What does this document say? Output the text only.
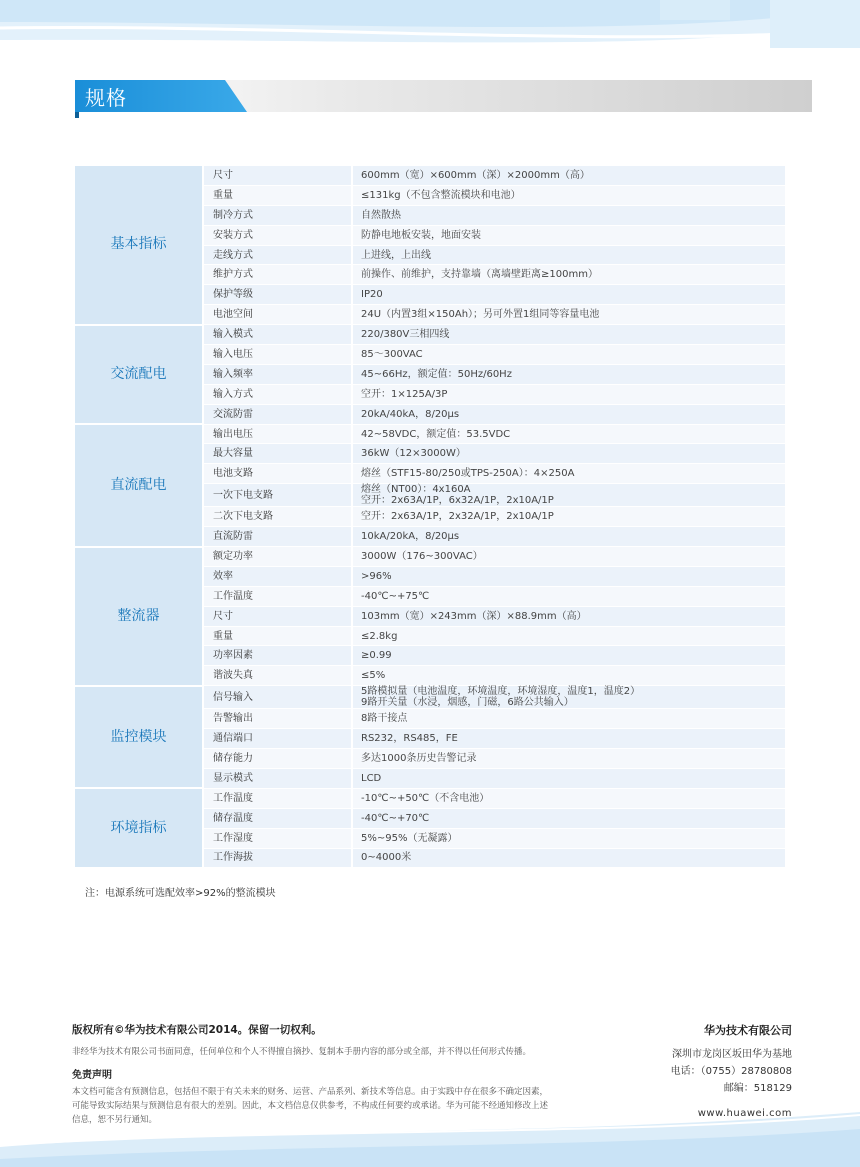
规格
基本指标	尺寸	600mm（宽）×600mm（深）×2000mm（高）

	重量	≤131kg（不包含整流模块和电池）

	制冷方式	自然散热

	安装方式	防静电地板安装，地面安装

	走线方式	上进线，上出线

	维护方式	前操作、前维护，支持靠墙（离墙壁距离≥100mm）

	保护等级	IP20

	电池空间	24U（内置3组×150Ah）；另可外置1组同等容量电池

交流配电	输入模式	220/380V三相四线

	输入电压	85～300VAC

	输入频率	45~66Hz，额定值：50Hz/60Hz

	输入方式	空开：1×125A/3P

	交流防雷	20kA/40kA，8/20μs

直流配电	输出电压	42~58VDC，额定值：53.5VDC

	最大容量	36kW（12×3000W）

	电池支路	熔丝（STF15-80/250或TPS-250A）：4×250A

	一次下电支路	熔丝（NT00）：4x160A
空开：2x63A/1P，6x32A/1P，2x10A/1P

	二次下电支路	空开：2x63A/1P，2x32A/1P，2x10A/1P

	直流防雷	10kA/20kA，8/20μs

整流器	额定功率	3000W（176~300VAC）

	效率	>96%

	工作温度	-40℃~+75℃

	尺寸	103mm（宽）×243mm（深）×88.9mm（高）

	重量	≤2.8kg

	功率因素	≥0.99

	谐波失真	≤5%

监控模块	信号输入	5路模拟量（电池温度，环境温度，环境湿度，温度1，温度2）
9路开关量（水浸，烟感，门磁，6路公共输入）

	告警输出	8路干接点

	通信端口	RS232，RS485，FE

	储存能力	多达1000条历史告警记录

	显示模式	LCD

环境指标	工作温度	-10℃~+50℃（不含电池）

	储存温度	-40℃~+70℃

	工作湿度	5%~95%（无凝露）

	工作海拔	0~4000米
注：电源系统可选配效率>92%的整流模块
版权所有©华为技术有限公司2014。保留一切权利。
非经华为技术有限公司书面同意，任何单位和个人不得擅自摘抄、复制本手册内容的部分或全部，并不得以任何形式传播。
免责声明
本文档可能含有预测信息，包括但不限于有关未来的财务、运营、产品系列、新技术等信息。由于实践中存在很多不确定因素，
可能导致实际结果与预测信息有很大的差别。因此，本文档信息仅供参考，不构成任何要约或承诺。华为可能不经通知修改上述
信息，恕不另行通知。
华为技术有限公司
深圳市龙岗区坂田华为基地
电话：（0755）28780808
邮编：518129
www.huawei.com
